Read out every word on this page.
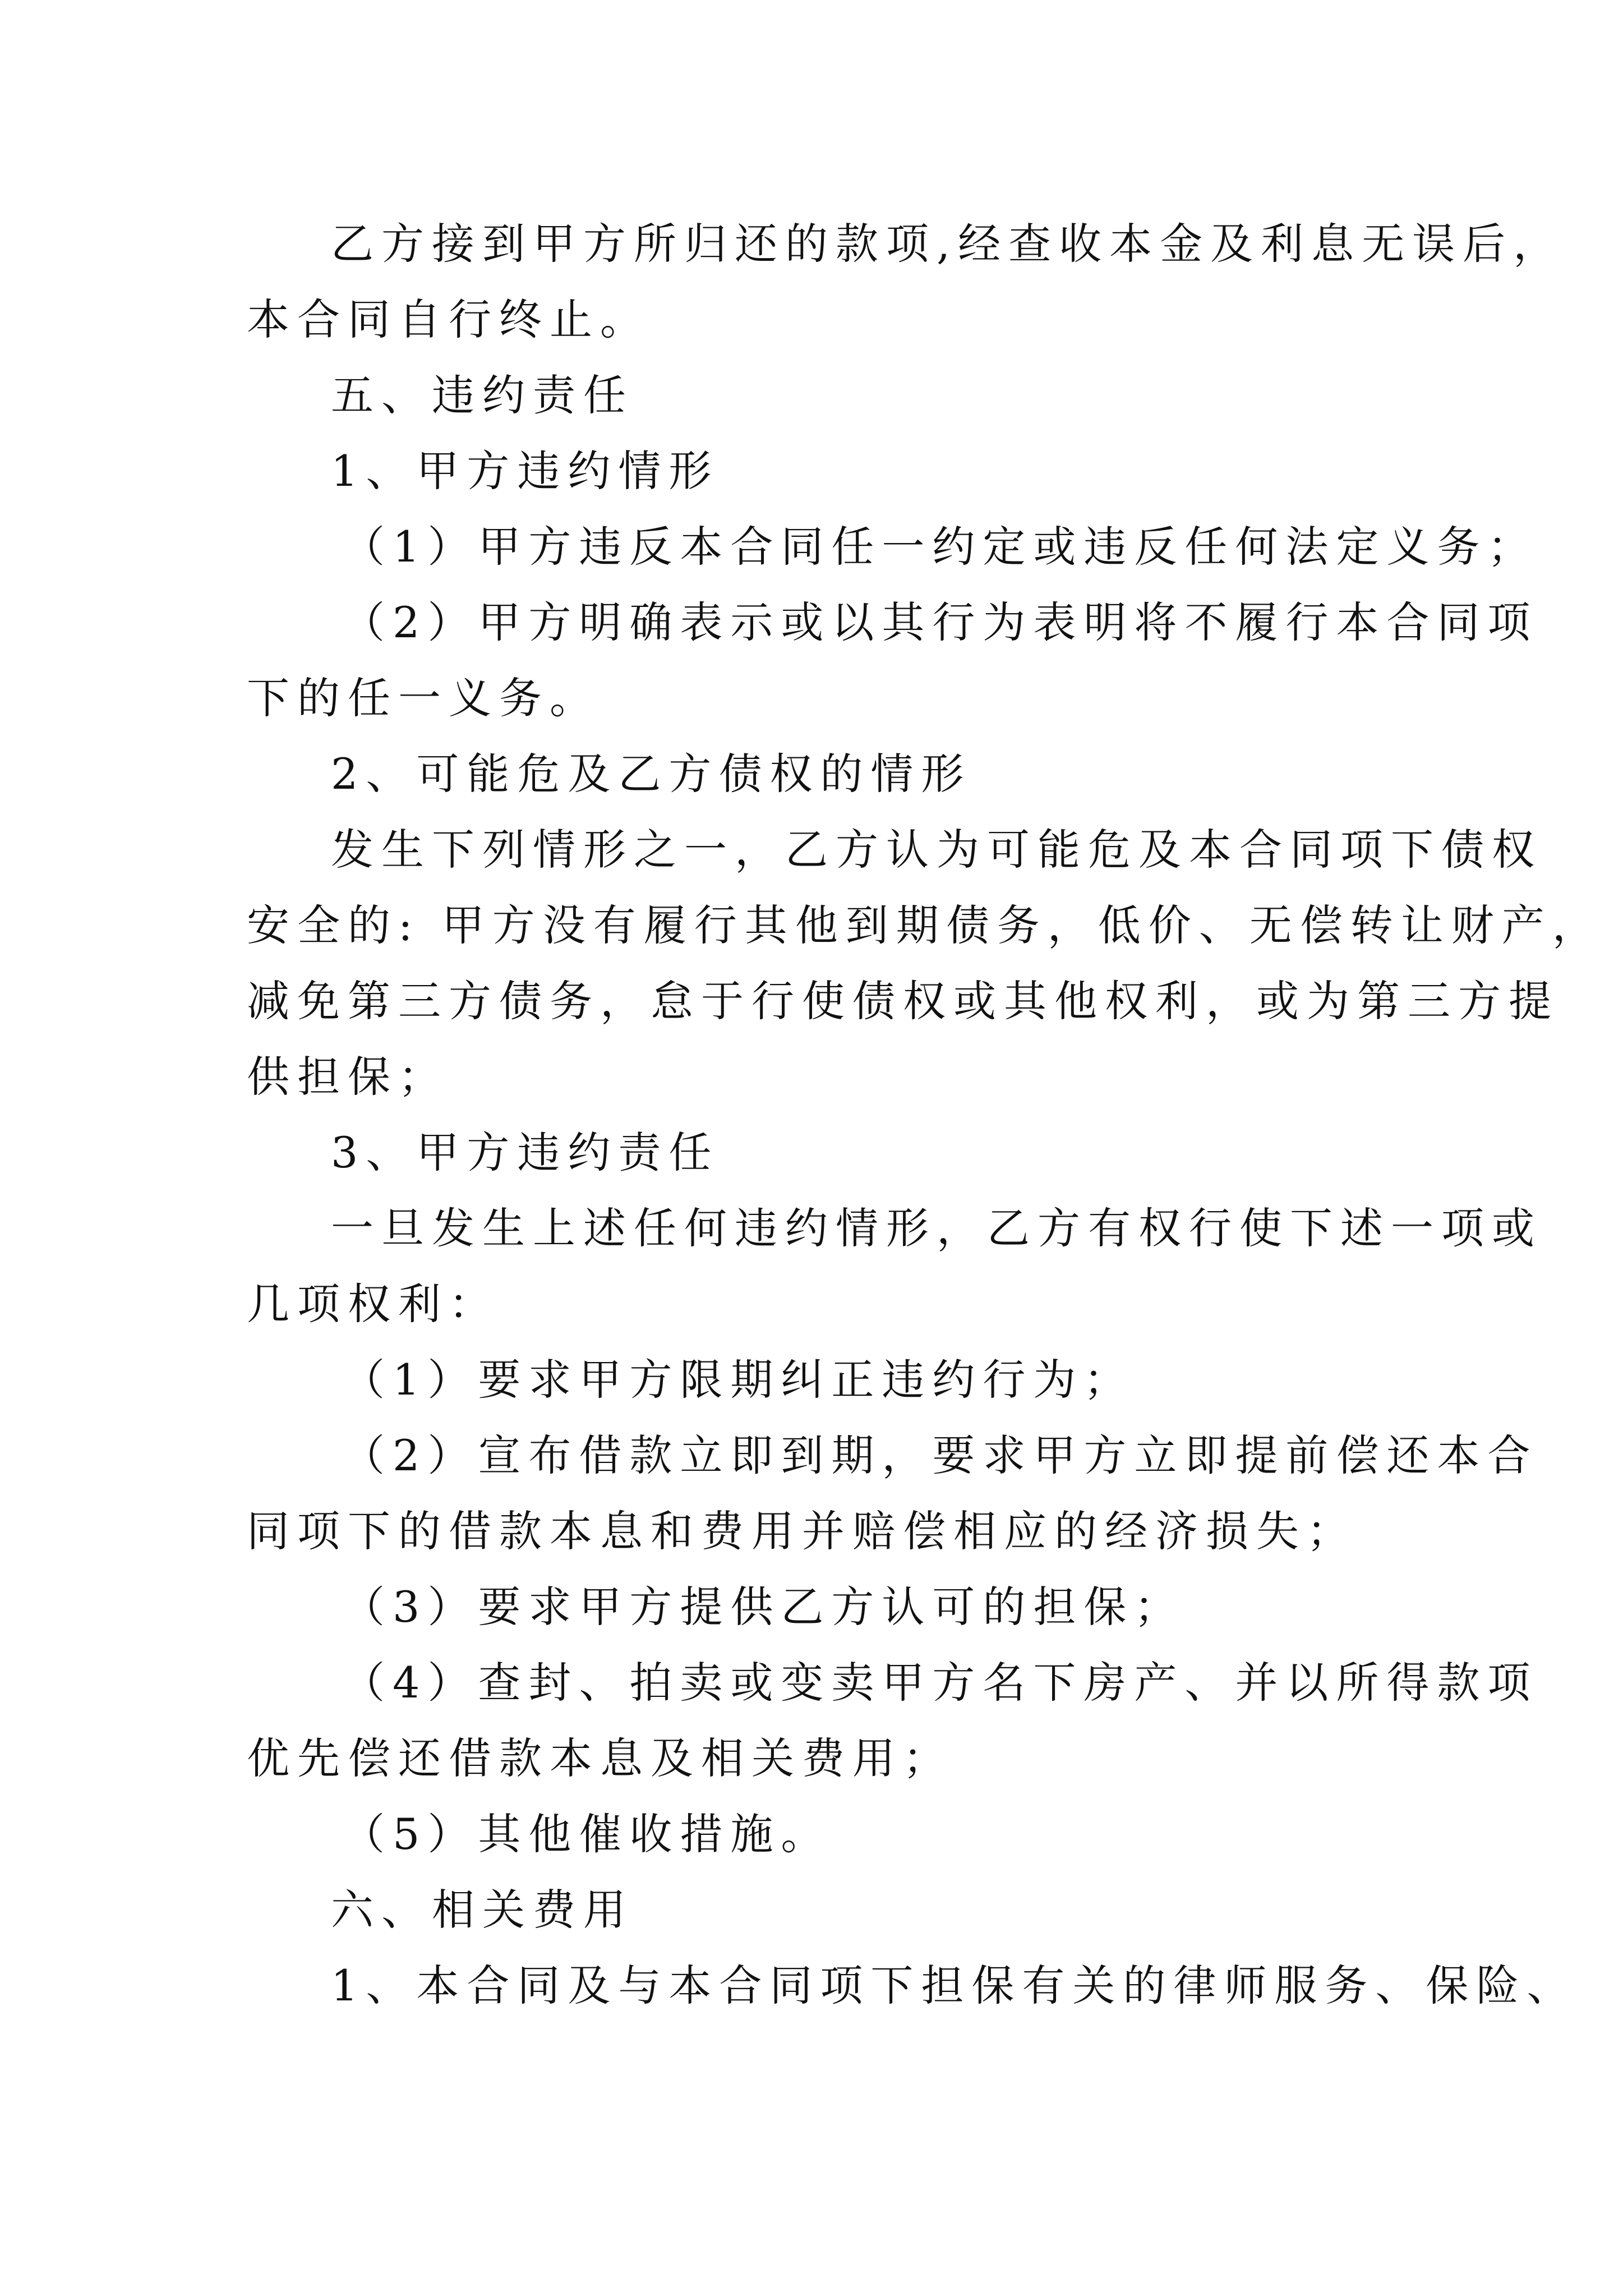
乙方接到甲方所归还的款项,经查收本金及利息无误后，
本合同自行终止。
五、违约责任
1、甲方违约情形
（1）甲方违反本合同任一约定或违反任何法定义务；
（2）甲方明确表示或以其行为表明将不履行本合同项
下的任一义务。
2、可能危及乙方债权的情形
发生下列情形之一，乙方认为可能危及本合同项下债权
安全的: 甲方没有履行其他到期债务，低价、无偿转让财产，
减免第三方债务，怠于行使债权或其他权利，或为第三方提
供担保；
3、甲方违约责任
一旦发生上述任何违约情形，乙方有权行使下述一项或
几项权利：
（1）要求甲方限期纠正违约行为；
（2）宣布借款立即到期，要求甲方立即提前偿还本合
同项下的借款本息和费用并赔偿相应的经济损失；
（3）要求甲方提供乙方认可的担保；
（4）查封、拍卖或变卖甲方名下房产、并以所得款项
优先偿还借款本息及相关费用；
（5）其他催收措施。
六、相关费用
1、本合同及与本合同项下担保有关的律师服务、保险、
